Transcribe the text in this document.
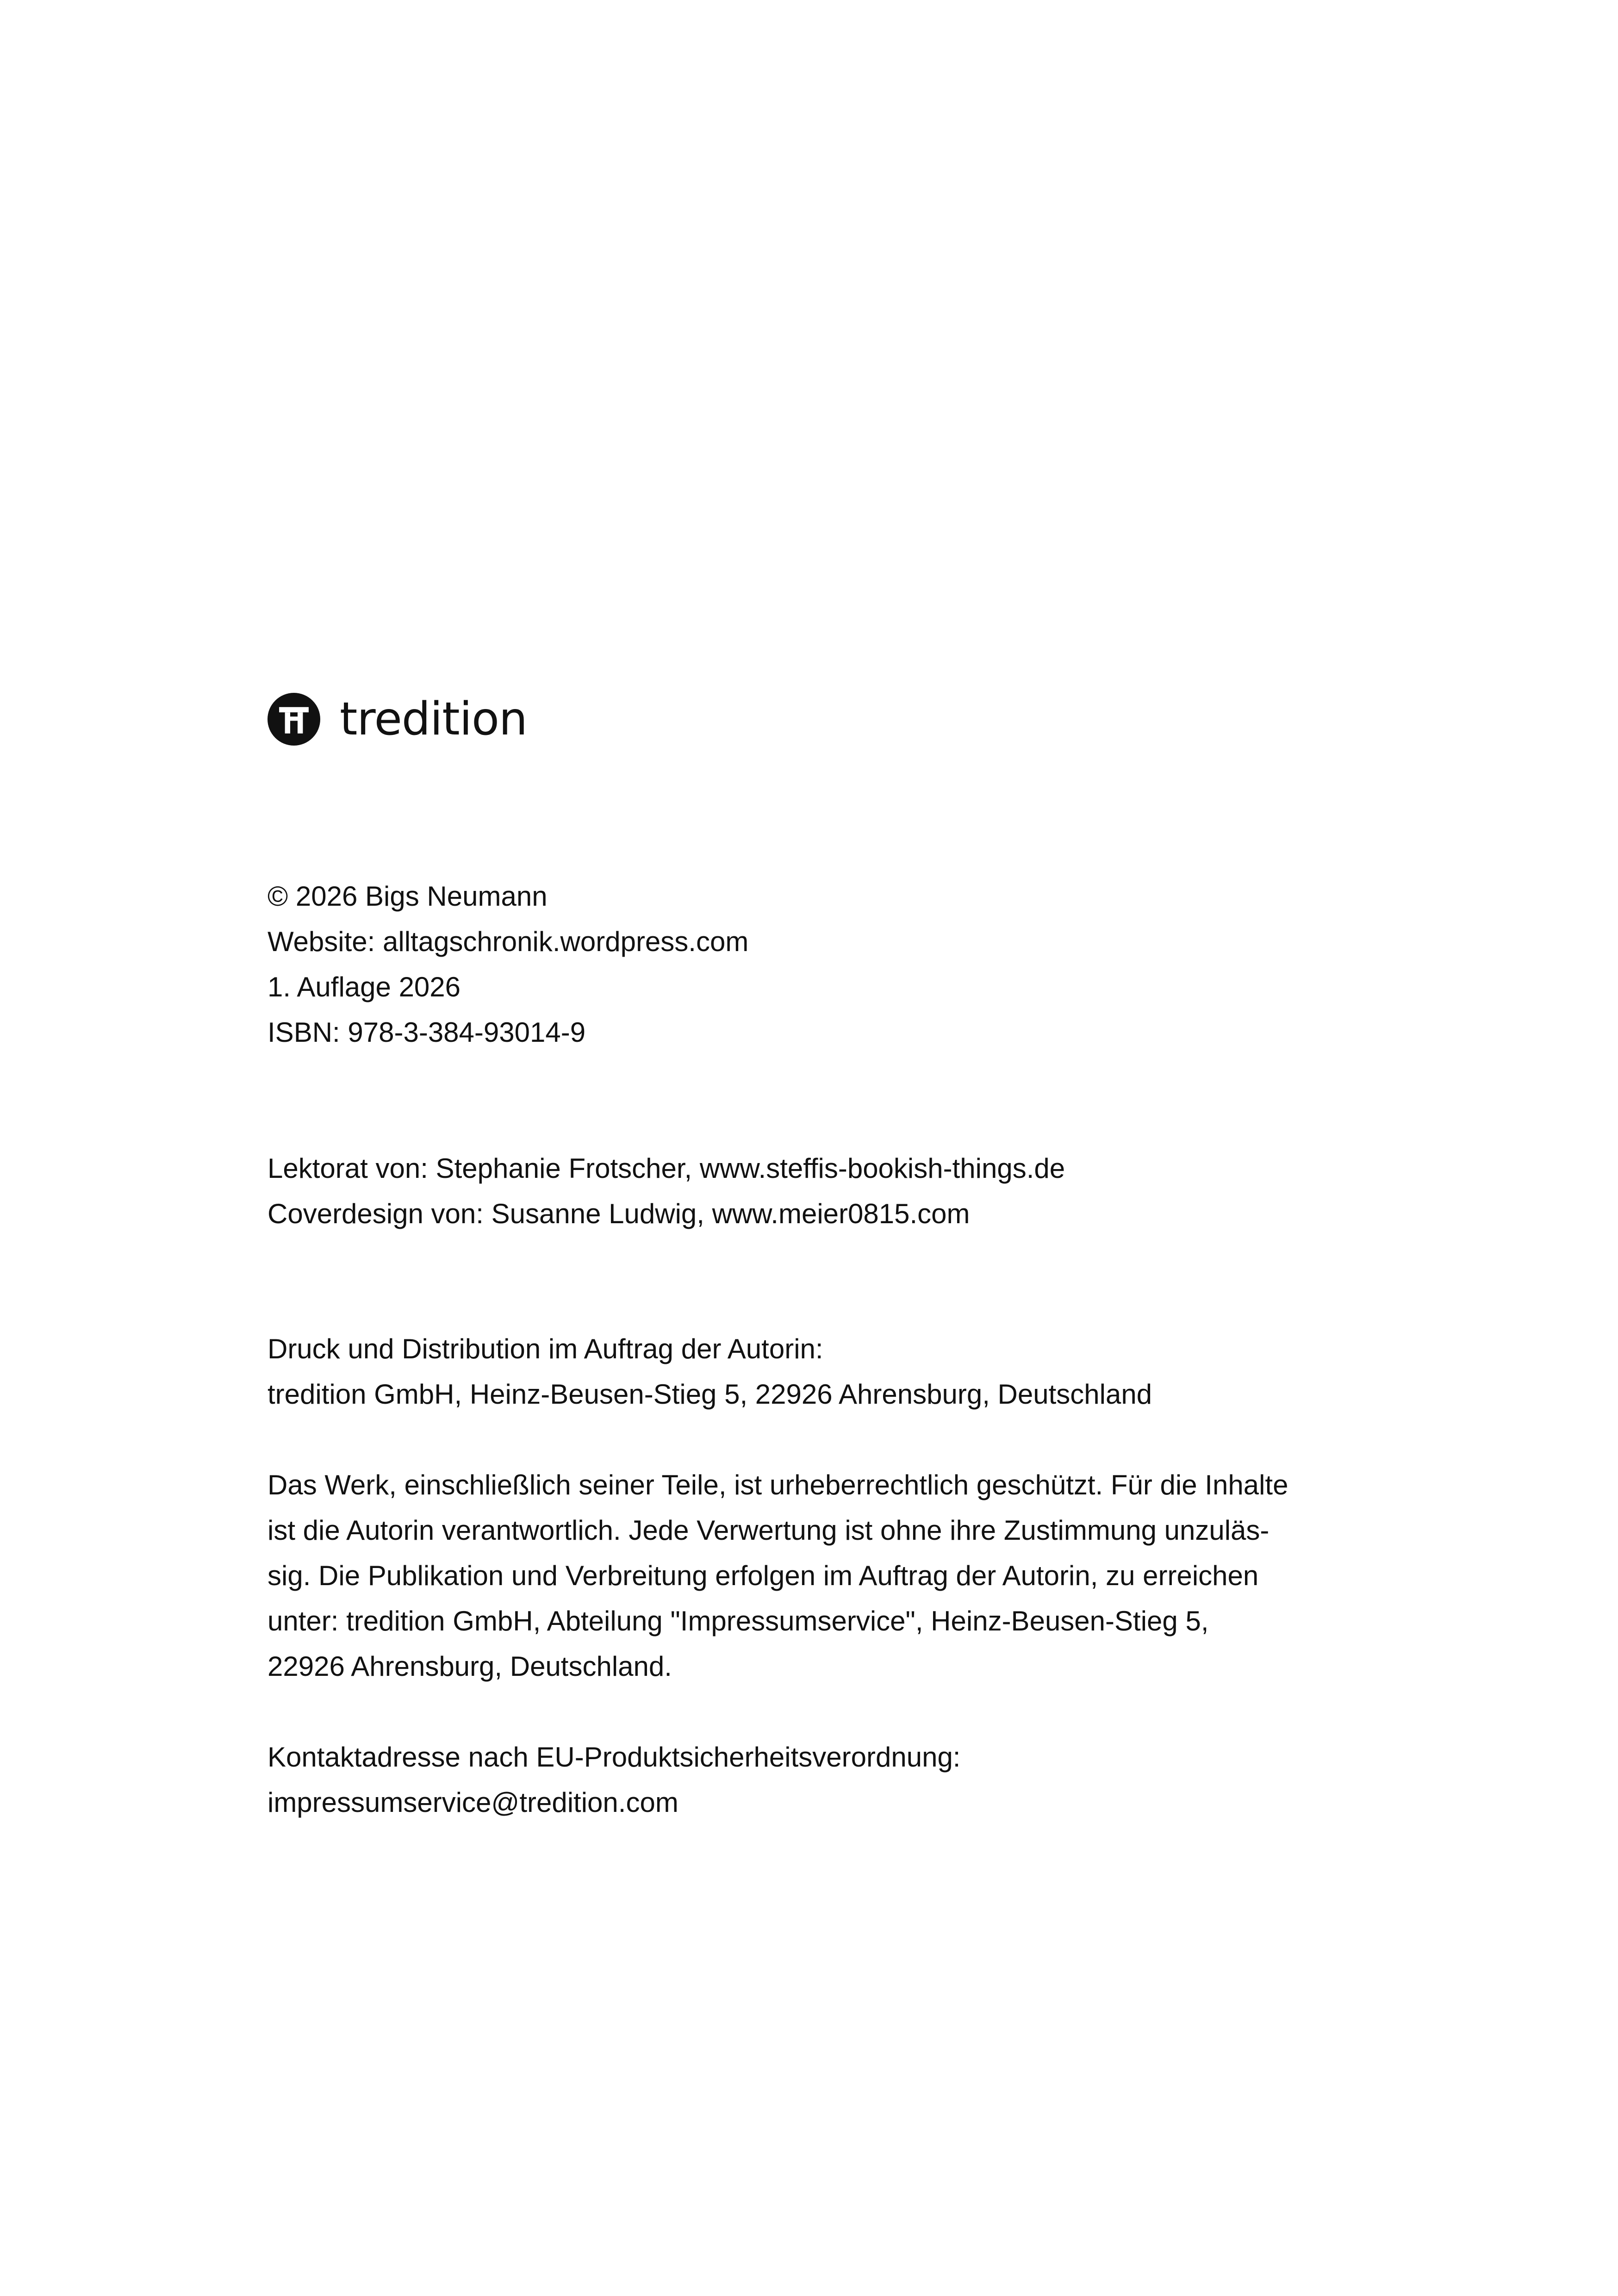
tredition
© 2026 Bigs Neumann
Website: alltagschronik.wordpress.com
1. Auflage 2026
ISBN: 978-3-384-93014-9
Lektorat von: Stephanie Frotscher, www.steffis-bookish-things.de
Coverdesign von: Susanne Ludwig, www.meier0815.com
Druck und Distribution im Auftrag der Autorin:
tredition GmbH, Heinz-Beusen-Stieg 5, 22926 Ahrensburg, Deutschland
Das Werk, einschließlich seiner Teile, ist urheberrechtlich geschützt. Für die Inhalte
ist die Autorin verantwortlich. Jede Verwertung ist ohne ihre Zustimmung unzuläs-
sig. Die Publikation und Verbreitung erfolgen im Auftrag der Autorin, zu erreichen
unter: tredition GmbH, Abteilung "Impressumservice", Heinz-Beusen-Stieg 5,
22926 Ahrensburg, Deutschland.
Kontaktadresse nach EU-Produktsicherheitsverordnung:
impressumservice@tredition.com
